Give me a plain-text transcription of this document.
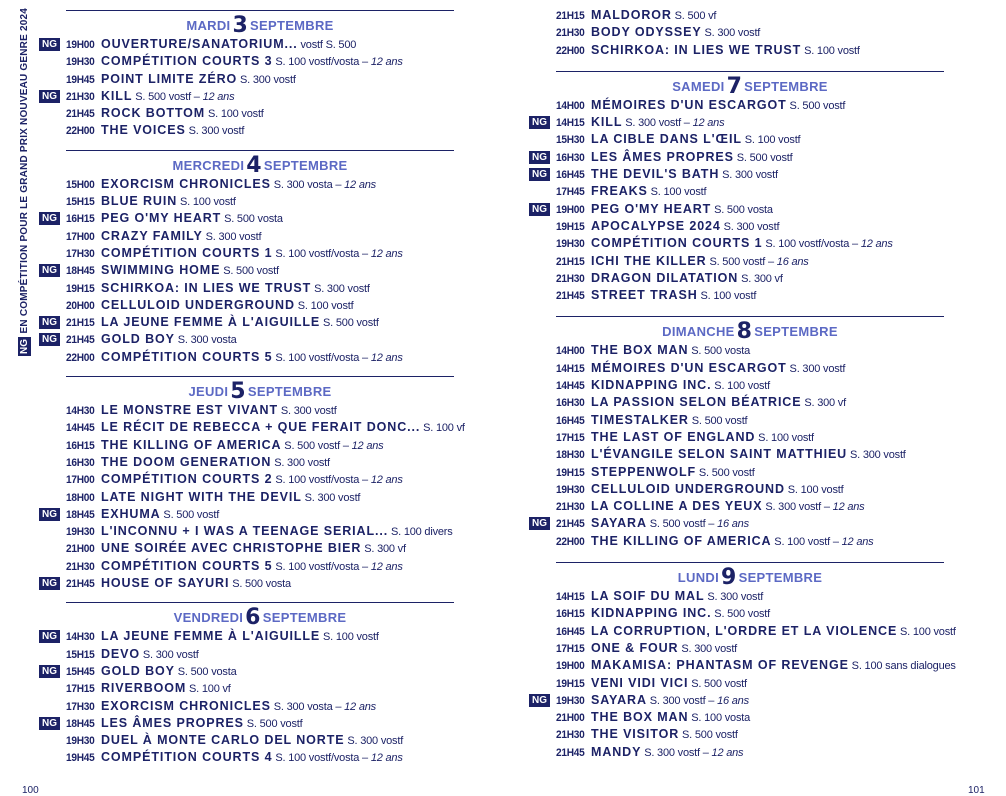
EN COMPÉTITION POUR LE GRAND PRIX NOUVEAU GENRE 2024
NG
MARDI3 SEPTEMBRE
NG 19H00 OUVERTURE/SANATORIUM... vostf S. 500
19H30 COMPÉTITION COURTS 3 S. 100 vostf/vosta – 12 ans
19H45 POINT LIMITE ZÉRO S. 300 vostf
NG 21H30 KILL S. 500 vostf – 12 ans
21H45 ROCK BOTTOM S. 100 vostf
22H00 THE VOICES S. 300 vostf
MERCREDI4 SEPTEMBRE
15H00 EXORCISM CHRONICLES S. 300 vosta – 12 ans
15H15 BLUE RUIN S. 100 vostf
NG 16H15 PEG O'MY HEART S. 500 vosta
17H00 CRAZY FAMILY S. 300 vostf
17H30 COMPÉTITION COURTS 1 S. 100 vostf/vosta – 12 ans
NG 18H45 SWIMMING HOME S. 500 vostf
19H15 SCHIRKOA: IN LIES WE TRUST S. 300 vostf
20H00 CELLULOID UNDERGROUND S. 100 vostf
NG 21H15 LA JEUNE FEMME À L'AIGUILLE S. 500 vostf
NG 21H45 GOLD BOY S. 300 vosta
22H00 COMPÉTITION COURTS 5 S. 100 vostf/vosta – 12 ans
JEUDI5 SEPTEMBRE
14H30 LE MONSTRE EST VIVANT S. 300 vostf
14H45 LE RÉCIT DE REBECCA + QUE FERAIT DONC... S. 100 vf
16H15 THE KILLING OF AMERICA S. 500 vostf – 12 ans
16H30 THE DOOM GENERATION S. 300 vostf
17H00 COMPÉTITION COURTS 2 S. 100 vostf/vosta – 12 ans
18H00 LATE NIGHT WITH THE DEVIL S. 300 vostf
NG 18H45 EXHUMA S. 500 vostf
19H30 L'INCONNU + I WAS A TEENAGE SERIAL... S. 100 divers
21H00 UNE SOIRÉE AVEC CHRISTOPHE BIER S. 300 vf
21H30 COMPÉTITION COURTS 5 S. 100 vostf/vosta – 12 ans
NG 21H45 HOUSE OF SAYURI S. 500 vosta
VENDREDI6 SEPTEMBRE
NG 14H30 LA JEUNE FEMME À L'AIGUILLE S. 100 vostf
15H15 DEVO S. 300 vostf
NG 15H45 GOLD BOY S. 500 vosta
17H15 RIVERBOOM S. 100 vf
17H30 EXORCISM CHRONICLES S. 300 vosta – 12 ans
NG 18H45 LES ÂMES PROPRES S. 500 vostf
19H30 DUEL À MONTE CARLO DEL NORTE S. 300 vostf
19H45 COMPÉTITION COURTS 4 S. 100 vostf/vosta – 12 ans
21H15 MALDOROR S. 500 vf
21H30 BODY ODYSSEY S. 300 vostf
22H00 SCHIRKOA: IN LIES WE TRUST S. 100 vostf
SAMEDI7 SEPTEMBRE
14H00 MÉMOIRES D'UN ESCARGOT S. 500 vostf
NG 14H15 KILL S. 300 vostf – 12 ans
15H30 LA CIBLE DANS L'ŒIL S. 100 vostf
NG 16H30 LES ÂMES PROPRES S. 500 vostf
NG 16H45 THE DEVIL'S BATH S. 300 vostf
17H45 FREAKS S. 100 vostf
NG 19H00 PEG O'MY HEART S. 500 vosta
19H15 APOCALYPSE 2024 S. 300 vostf
19H30 COMPÉTITION COURTS 1 S. 100 vostf/vosta – 12 ans
21H15 ICHI THE KILLER S. 500 vostf – 16 ans
21H30 DRAGON DILATATION S. 300 vf
21H45 STREET TRASH S. 100 vostf
DIMANCHE8 SEPTEMBRE
14H00 THE BOX MAN S. 500 vosta
14H15 MÉMOIRES D'UN ESCARGOT S. 300 vostf
14H45 KIDNAPPING INC. S. 100 vostf
16H30 LA PASSION SELON BÉATRICE S. 300 vf
16H45 TIMESTALKER S. 500 vostf
17H15 THE LAST OF ENGLAND S. 100 vostf
18H30 L'ÉVANGILE SELON SAINT MATTHIEU S. 300 vostf
19H15 STEPPENWOLF S. 500 vostf
19H30 CELLULOID UNDERGROUND S. 100 vostf
21H30 LA COLLINE A DES YEUX S. 300 vostf – 12 ans
NG 21H45 SAYARA S. 500 vostf – 16 ans
22H00 THE KILLING OF AMERICA S. 100 vostf – 12 ans
LUNDI9 SEPTEMBRE
14H15 LA SOIF DU MAL S. 300 vostf
16H15 KIDNAPPING INC. S. 500 vostf
16H45 LA CORRUPTION, L'ORDRE ET LA VIOLENCE S. 100 vostf
17H15 ONE & FOUR S. 300 vostf
19H00 MAKAMISA: PHANTASM OF REVENGE S. 100 sans dialogues
19H15 VENI VIDI VICI S. 500 vostf
NG 19H30 SAYARA S. 300 vostf – 16 ans
21H00 THE BOX MAN S. 100 vosta
21H30 THE VISITOR S. 500 vostf
21H45 MANDY S. 300 vostf – 12 ans
100	101
